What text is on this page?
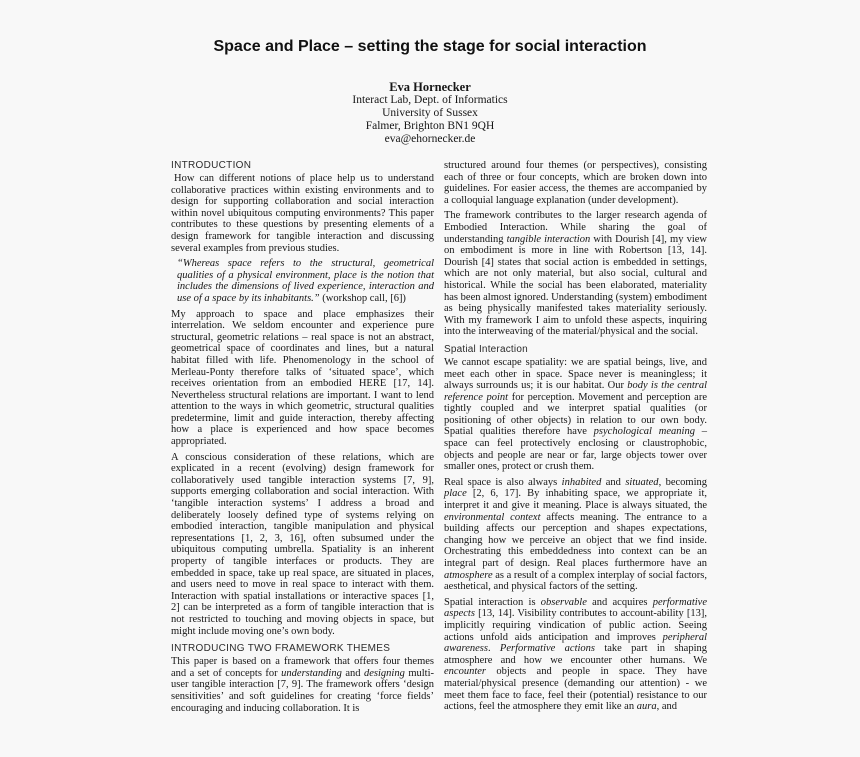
Space and Place – setting the stage for social interaction
Eva Hornecker
Interact Lab, Dept. of Informatics
University of Sussex
Falmer, Brighton BN1 9QH
eva@ehornecker.de
INTRODUCTION

How can different notions of place help us to understand collaborative practices within existing environments and to design for supporting collaboration and social interaction within novel ubiquitous computing environments? This paper contributes to these questions by presenting elements of a design framework for tangible interaction and discussing several examples from previous studies.

“Whereas space refers to the structural, geometrical qualities of a physical environment, place is the notion that includes the dimensions of lived experience, interaction and use of a space by its inhabitants.” (workshop call, [6])

My approach to space and place emphasizes their interrelation. We seldom encounter and experience pure structural, geometric relations – real space is not an abstract, geometrical space of coordinates and lines, but a natural habitat filled with life. Phenomenology in the school of Merleau-Ponty therefore talks of ‘situated space’, which receives orientation from an embodied HERE [17, 14]. Nevertheless structural relations are important. I want to lend attention to the ways in which geometric, structural qualities predetermine, limit and guide interaction, thereby affecting how a place is experienced and how space becomes appropriated.

A conscious consideration of these relations, which are explicated in a recent (evolving) design framework for collaboratively used tangible interaction systems [7, 9], supports emerging collaboration and social interaction. With ‘tangible interaction systems’ I address a broad and deliberately loosely defined type of systems relying on embodied interaction, tangible manipulation and physical representations [1, 2, 3, 16], often subsumed under the ubiquitous computing umbrella. Spatiality is an inherent property of tangible interfaces or products. They are embedded in space, take up real space, are situated in places, and users need to move in real space to interact with them. Interaction with spatial installations or interactive spaces [1, 2] can be interpreted as a form of tangible interaction that is not restricted to touching and moving objects in space, but might include moving one’s own body.

INTRODUCING TWO FRAMEWORK THEMES

This paper is based on a framework that offers four themes and a set of concepts for understanding and designing multi-user tangible interaction [7, 9]. The framework offers ‘design sensitivities’ and soft guidelines for creating ‘force fields’ encouraging and inducing collaboration. It is

structured around four themes (or perspectives), consisting each of three or four concepts, which are broken down into guidelines. For easier access, the themes are accompanied by a colloquial language explanation (under development).

The framework contributes to the larger research agenda of Embodied Interaction. While sharing the goal of understanding tangible interaction with Dourish [4], my view on embodiment is more in line with Robertson [13, 14]. Dourish [4] states that social action is embedded in settings, which are not only material, but also social, cultural and historical. While the social has been elaborated, materiality has been almost ignored. Understanding (system) embodiment as being physically manifested takes materiality seriously. With my framework I aim to unfold these aspects, inquiring into the interweaving of the material/physical and the social.

Spatial Interaction

We cannot escape spatiality: we are spatial beings, live, and meet each other in space. Space never is meaningless; it always surrounds us; it is our habitat. Our body is the central reference point for perception. Movement and perception are tightly coupled and we interpret spatial qualities (or positioning of other objects) in relation to our own body. Spatial qualities therefore have psychological meaning – space can feel protectively enclosing or claustrophobic, objects and people are near or far, large objects tower over smaller ones, protect or crush them.

Real space is also always inhabited and situated, becoming place [2, 6, 17]. By inhabiting space, we appropriate it, interpret it and give it meaning. Place is always situated, the environmental context affects meaning. The entrance to a building affects our perception and shapes expectations, changing how we perceive an object that we find inside. Orchestrating this embeddedness into context can be an integral part of design. Real places furthermore have an atmosphere as a result of a complex interplay of social factors, aesthetical, and physical factors of the setting.

Spatial interaction is observable and acquires performative aspects [13, 14]. Visibility contributes to account-ability [13], implicitly requiring vindication of public action. Seeing actions unfold aids anticipation and improves peripheral awareness. Performative actions take part in shaping atmosphere and how we encounter other humans. We encounter objects and people in space. They have material/physical presence (demanding our attention) - we meet them face to face, feel their (potential) resistance to our actions, feel the atmosphere they emit like an aura, and
